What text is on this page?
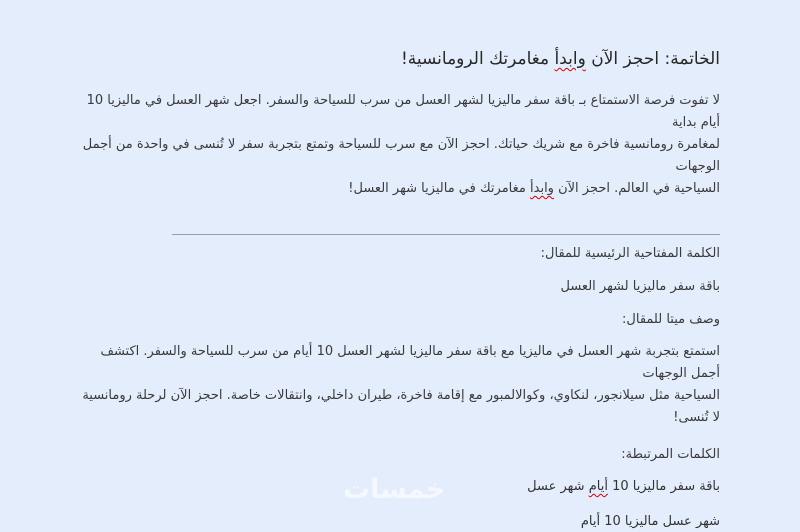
الخاتمة: احجز الآن وابدأ مغامرتك الرومانسية!
لا تفوت فرصة الاستمتاع بـ باقة سفر ماليزيا لشهر العسل من سرب للسياحة والسفر. اجعل شهر العسل في ماليزيا 10 أيام بداية
لمغامرة رومانسية فاخرة مع شريك حياتك. احجز الآن مع سرب للسياحة وتمتع بتجربة سفر لا تُنسى في واحدة من أجمل الوجهات
السياحية في العالم. احجز الآن وابدأ مغامرتك في ماليزيا شهر العسل!
الكلمة المفتاحية الرئيسية للمقال:
باقة سفر ماليزيا لشهر العسل
وصف ميتا للمقال:
استمتع بتجربة شهر العسل في ماليزيا مع باقة سفر ماليزيا لشهر العسل 10 أيام من سرب للسياحة والسفر. اكتشف أجمل الوجهات
السياحية مثل سيلانجور، لنكاوي، وكوالالمبور مع إقامة فاخرة، طيران داخلي، وانتقالات خاصة. احجز الآن لرحلة رومانسية لا تُنسى!
الكلمات المرتبطة:
باقة سفر ماليزيا 10 أيام شهر عسل
شهر عسل ماليزيا 10 أيام
خمسات
